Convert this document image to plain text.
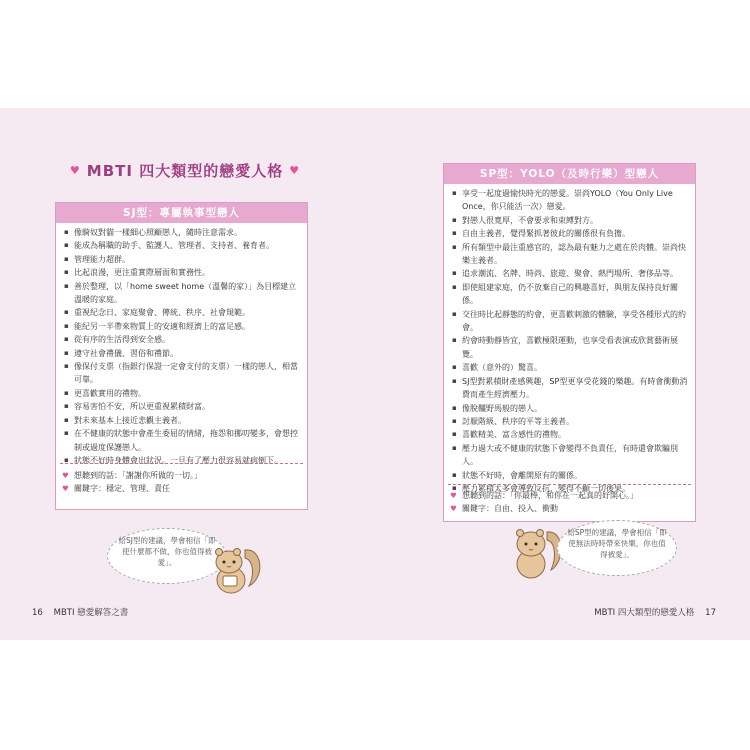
♥ MBTI 四大類型的戀愛人格 ♥
SJ型：專屬執事型戀人
▪ 像騎奴對貓一樣細心照顧戀人，隨時注意需求。
▪ 能成為稱職的助手、監護人、管理者、支持者、養育者。
▪ 管理能力超群。
▪ 比起浪漫，更注重實際層面和實務性。
▪ 善於整理，以「home sweet home（溫馨的家）」為目標建立溫暖的家庭。
▪ 重視紀念日、家庭聚會、傳統、秩序、社會規範。
▪ 能紀另一半帶來物質上的安適和經濟上的富足感。
▪ 從有序的生活得到安全感。
▪ 遵守社會禮儀、習俗和禮節。
▪ 像保付支票（指銀行保證一定會支付的支票）一樣的戀人，相當可靠。
▪ 更喜歡實用的禮物。
▪ 容易害怕不安，所以更重視累積財富。
▪ 對未來基本上接近悲觀主義者。
▪ 在不健康的狀態中會產生委屈的情緒，拖怨和挪叨變多，會想控制或過度保護戀人。
▪ 狀態不好時身體會出狀況。一旦有了壓力很容易就病倒下。
♥ 想聽到的話：「謝謝你所做的一切。」
♥ 關鍵字：穩定、管理、責任
給SJ型的建議，學會相信「即使什麼都不做，你也值得被愛」。
16 MBTI 戀愛解答之書
SP型：YOLO（及時行樂）型戀人
▪ 享受一起度過愉快時光的戀愛。崇尚YOLO（You Only Live Once，你只能活一次）戀愛。
▪ 對戀人很寬厚，不會要求和束縛對方。
▪ 自由主義者，覺得緊抓著彼此的關係很有負擔。
▪ 所有類型中最注重感官的，認為最有魅力之處在於肉體。崇尚快樂主義者。
▪ 追求潮流、名牌、時尚、旅遊、聚會、熱門場所、奢侈品等。
▪ 即使組建家庭，仍不放棄自己的興趣喜好，與朋友保持良好關係。
▪ 交往時比起靜態的約會，更喜歡刺激的體驗，享受各種形式的約會。
▪ 約會時動靜皆宜，喜歡極限運動，也享受看表演或欣賞藝術展覽。
▪ 喜歡（意外的）驚喜。
▪ SJ型對累積財產感興趣，SP型更享受花錢的樂趣。有時會衝動消費而產生經濟壓力。
▪ 像脫韁野馬般的戀人。
▪ 討厭階級、秩序的平等主義者。
▪ 喜歡精美、富含感性的禮物。
▪ 壓力過大或不健康的狀態下會變得不負責任，有時還會欺騙別人。
▪ 狀態不好時，會離開原有的關係。
▪ 壓力累積太多會導致反抗，變得不顧一切後果。
♥ 想聽到的話：「你最棒，和你在一起真的好開心。」
♥ 關鍵字：自由、投入、衝動
給SP型的建議，學會相信「即使無法時時帶來快樂，你也值得被愛」。
MBTI 四大類型的戀愛人格 17
